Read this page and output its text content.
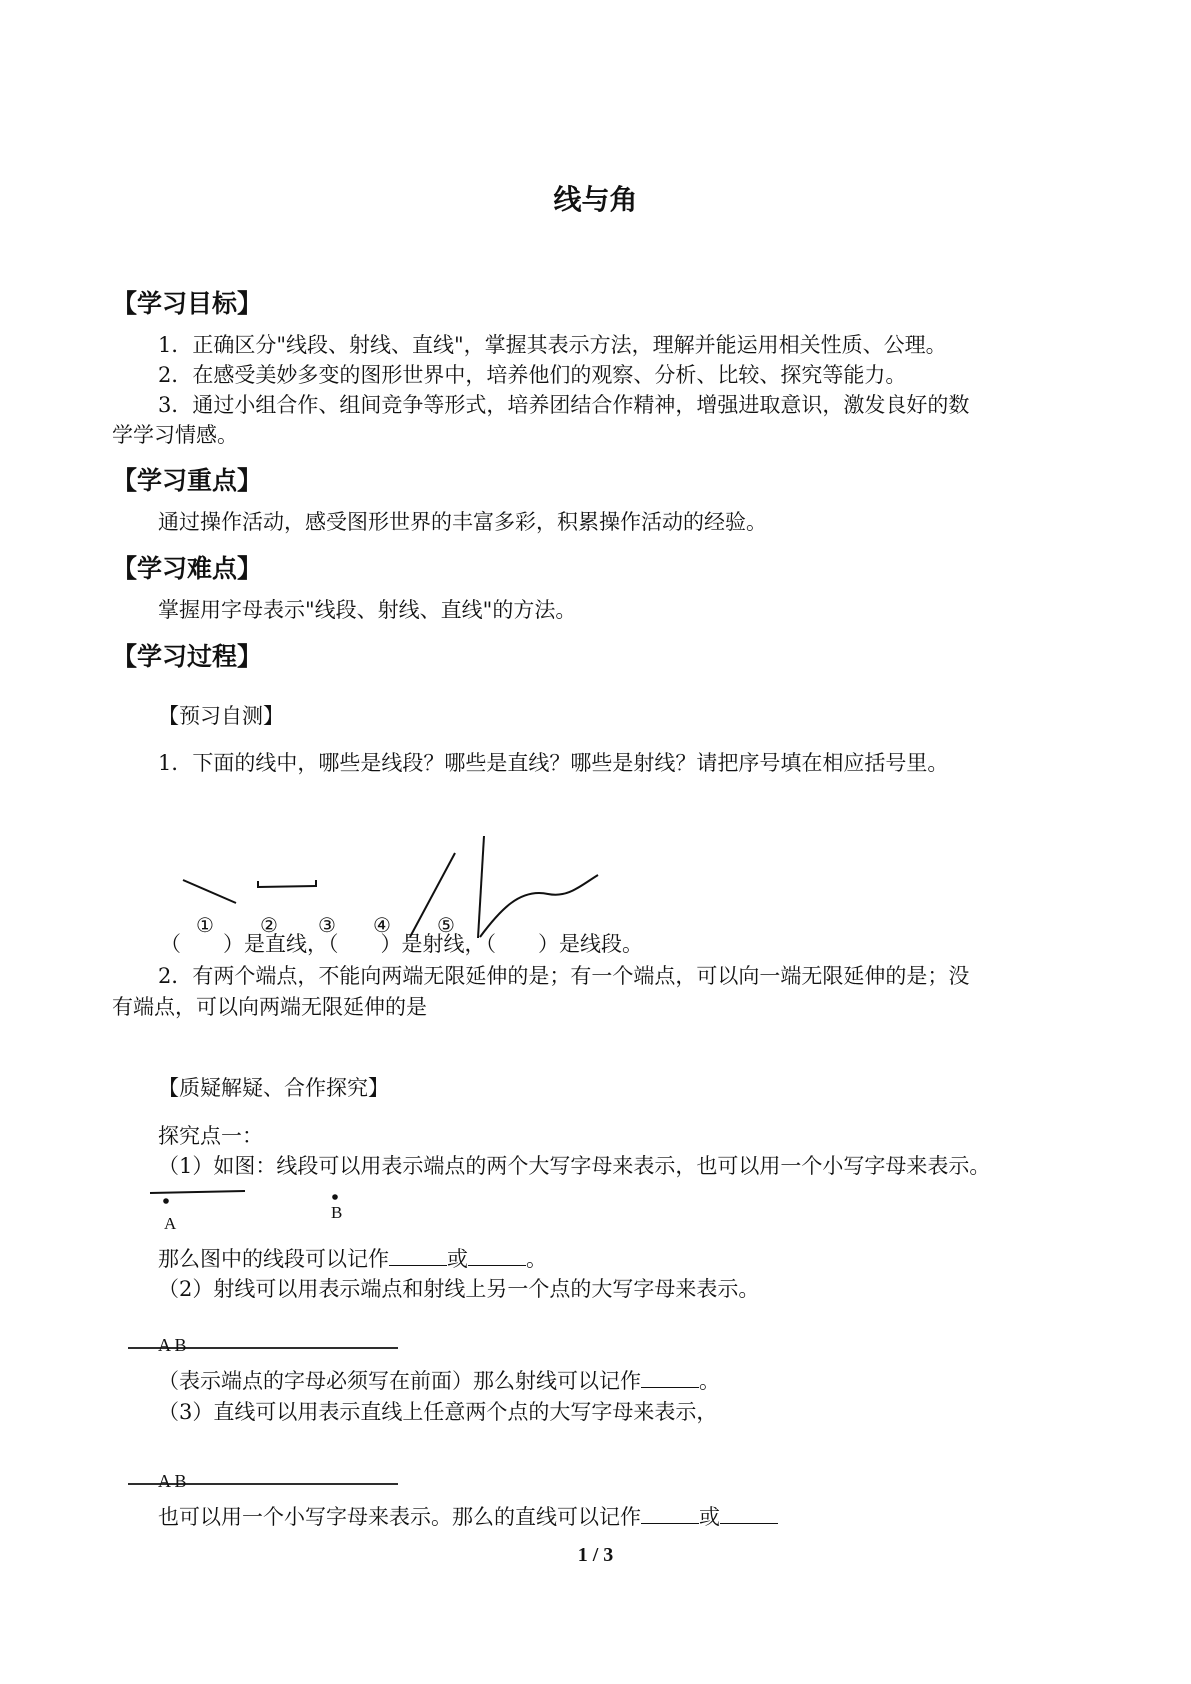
线与角
【学习目标】
1．正确区分"线段、射线、直线"，掌握其表示方法，理解并能运用相关性质、公理。
2．在感受美妙多变的图形世界中，培养他们的观察、分析、比较、探究等能力。
3．通过小组合作、组间竞争等形式，培养团结合作精神，增强进取意识，激发良好的数
学学习情感。
【学习重点】
通过操作活动，感受图形世界的丰富多彩，积累操作活动的经验。
【学习难点】
掌握用字母表示"线段、射线、直线"的方法。
【学习过程】
【预习自测】
1．下面的线中，哪些是线段？哪些是直线？哪些是射线？请把序号填在相应括号里。
① ② ③ ④ ⑤
（　　）是直线，（　　）是射线，（　　）是线段。
2．有两个端点，不能向两端无限延伸的是；有一个端点，可以向一端无限延伸的是；没
有端点，可以向两端无限延伸的是
【质疑解疑、合作探究】
探究点一：
（1）如图：线段可以用表示端点的两个大写字母来表示，也可以用一个小写字母来表示。
A
B
那么图中的线段可以记作	或	。
（2）射线可以用表示端点和射线上另一个点的大写字母来表示。
A B
（表示端点的字母必须写在前面）那么射线可以记作	。
（3）直线可以用表示直线上任意两个点的大写字母来表示，
A B
也可以用一个小写字母来表示。那么的直线可以记作	或
1 / 3
